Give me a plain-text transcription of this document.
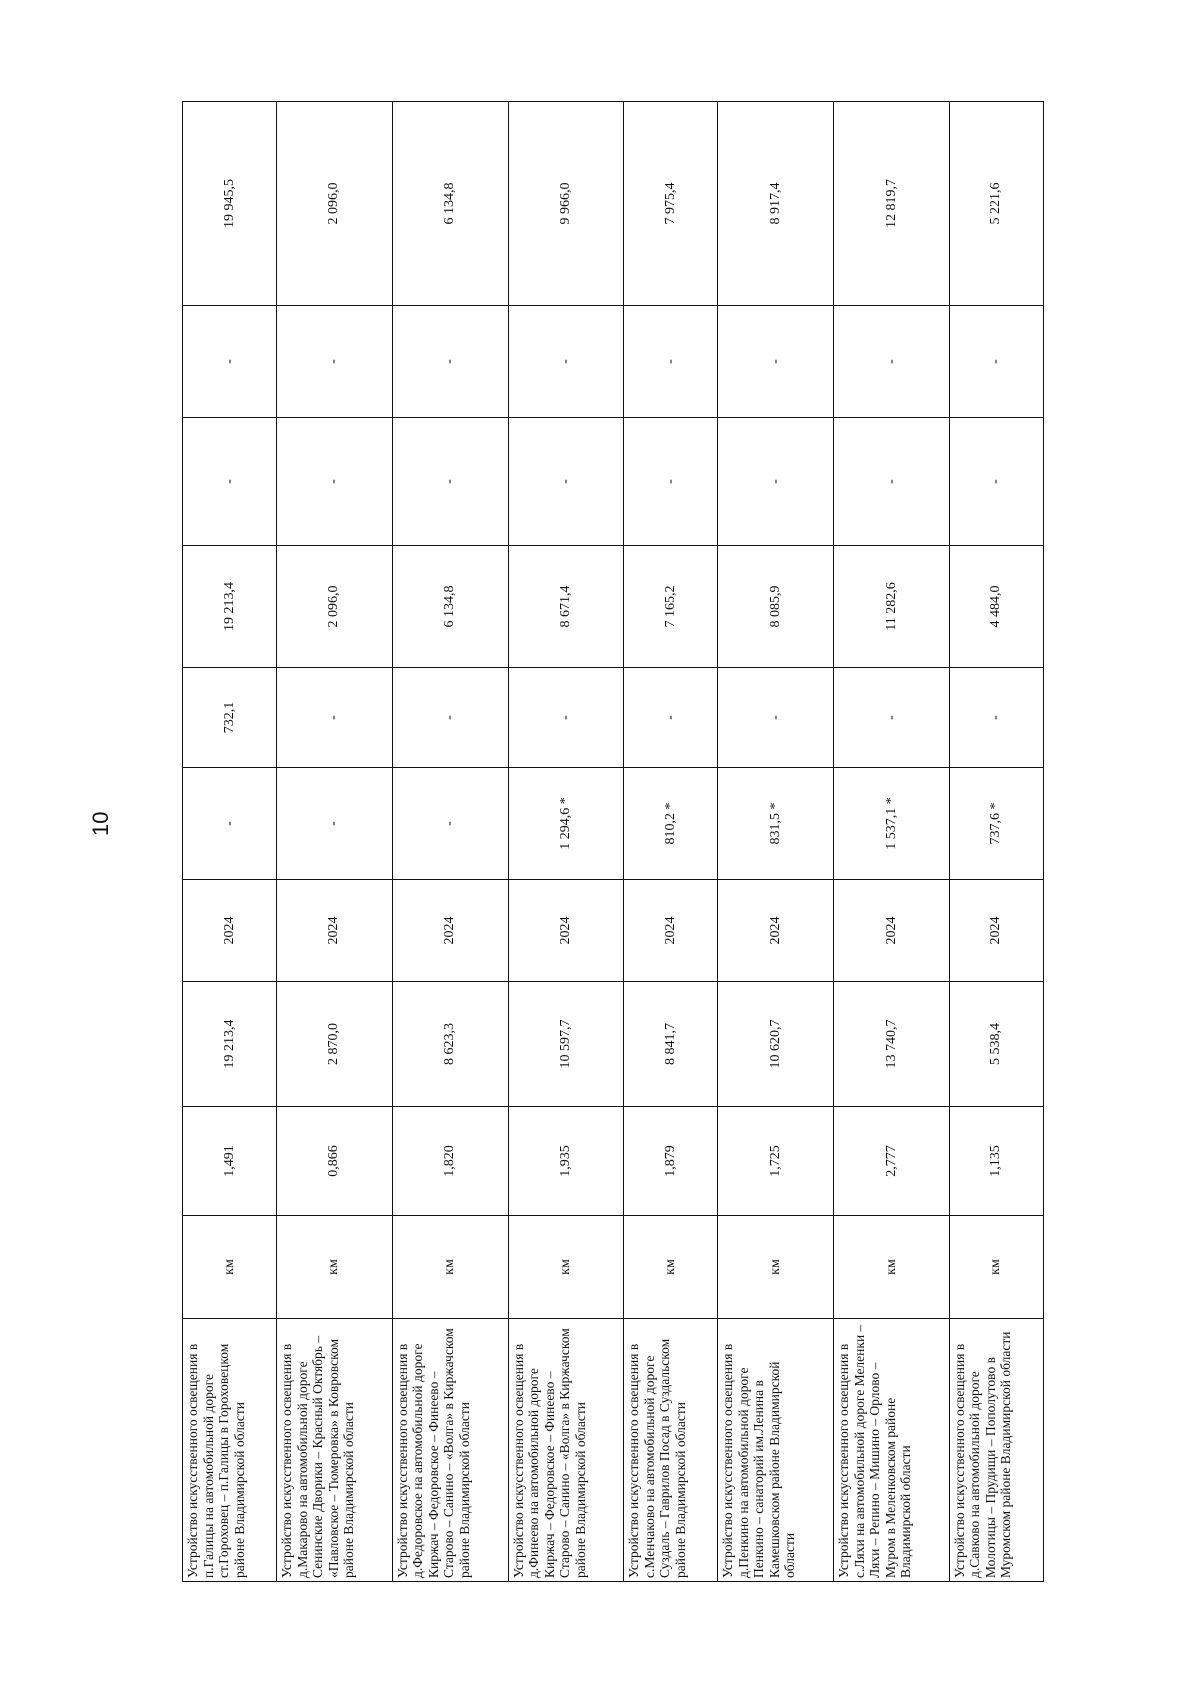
10
Устройство искусственного освещения в п.Галицы на автомобильной дороге ст.Гороховец – п.Галицы в Гороховецком районе Владимирской области	км	1,491	19 213,4	2024	-	732,1	19 213,4	-	-	19 945,5
Устройство искусственного освещения в д.Макарово на автомобильной дороге Сенинские Дворики – Красный Октябрь – «Павловское – Тюмеровка» в Ковровском районе Владимирской области	км	0,866	2 870,0	2024	-	-	2 096,0	-	-	2 096,0
Устройство искусственного освещения в д.Федоровское на автомобильной дороге Киржач – Федоровское – Финеево – Старово – Санино – «Волга» в Киржачском районе Владимирской области	км	1,820	8 623,3	2024	-	-	6 134,8	-	-	6 134,8
Устройство искусственного освещения в д.Финеево на автомобильной дороге Киржач – Федоровское – Финеево – Старово – Санино – «Волга» в Киржачском районе Владимирской области	км	1,935	10 597,7	2024	1 294,6 *	-	8 671,4	-	-	9 966,0
Устройство искусственного освещения в с.Менчаково на автомобильной дороге Суздаль – Гаврилов Посад в Суздальском районе Владимирской области	км	1,879	8 841,7	2024	810,2 *	-	7 165,2	-	-	7 975,4
Устройство искусственного освещения в д.Пенкино на автомобильной дороге Пенкино – санаторий им.Ленина в Камешковском районе Владимирской области	км	1,725	10 620,7	2024	831,5 *	-	8 085,9	-	-	8 917,4
Устройство искусственного освещения в с.Ляхи на автомобильной дороге Меленки – Ляхи – Репино – Мишино – Орлово – Муром в Меленковском районе Владимирской области	км	2,777	13 740,7	2024	1 537,1 *	-	11 282,6	-	-	12 819,7
Устройство искусственного освещения в д.Савково на автомобильной дороге Молотицы – Прудищи – Пополутово в Муромском районе Владимирской области	км	1,135	5 538,4	2024	737,6 *	-	4 484,0	-	-	5 221,6
